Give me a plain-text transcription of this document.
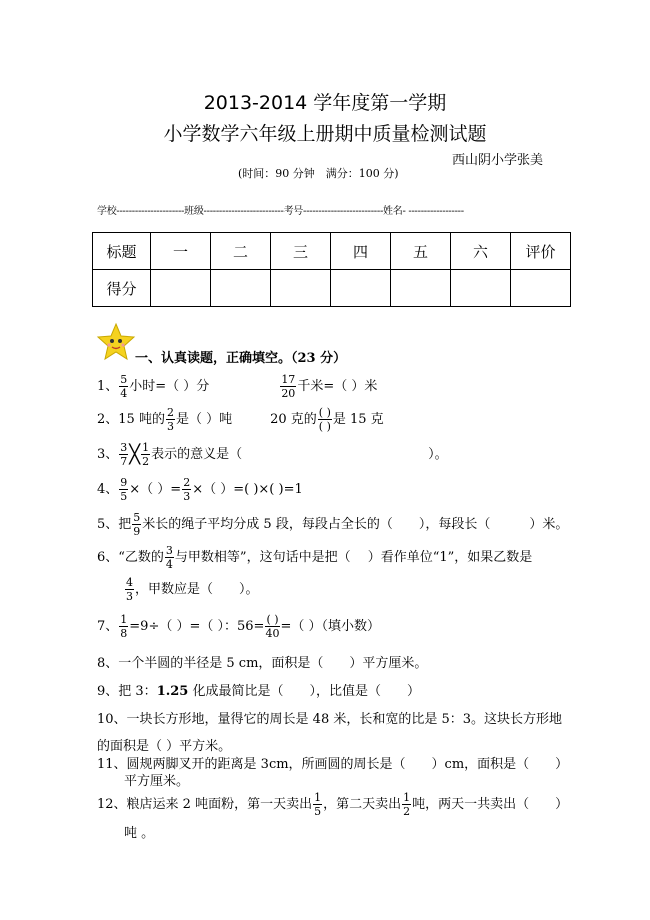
2013-2014 学年度第一学期
小学数学六年级上册期中质量检测试题
西山阴小学张美
(时间：90 分钟　满分：100 分)
学校----------------------班级--------------------------考号--------------------------姓名- ------------------
标题	一	二	三	四	五	六	评价
得分							
一、认真读题，正确填空。（23 分）
1、 $\frac{5}{4}$ 小时=（ ）分	$\frac{17}{20}$ 千米=（ ）米
2、15 吨的 $\frac{2}{3}$ 是（ ）吨	20 克的 $\frac{( )}{( )}$ 是 15 克
3、 $\frac{3}{7}$ ╳ $\frac{1}{2}$ 表示的意义是（	）。
4、 $\frac{9}{5}$ ×（ ）= $\frac{2}{3}$ ×（ ）=( )×( )=1
5、把 $\frac{5}{9}$ 米长的绳子平均分成 5 段，每段占全长的（　　），每段长（　　　）米。
6、“乙数的 $\frac{3}{4}$ 与甲数相等”，这句话中是把（　 ）看作单位“1”，如果乙数是
$\frac{4}{3}$ ，甲数应是（　　）。
7、 $\frac{1}{8} =9\div$（ ）=（ ）：$56= \frac{( )}{40}$ =（ ）（填小数）
8、一个半圆的半径是 5 cm，面积是（　　）平方厘米。
9、把 3：1.25 化成最简比是（　　），比值是（　　）
10、一块长方形地，量得它的周长是 48 米，长和宽的比是 5：3。这块长方形地
的面积是（ ）平方米。
11、圆规两脚叉开的距离是 3cm，所画圆的周长是（　　）cm，面积是（　　）
平方厘米。
12、粮店运来 2 吨面粉，第一天卖出 $\frac{1}{5}$ ，第二天卖出 $\frac{1}{2}$ 吨，两天一共卖出（　　）
吨 。
